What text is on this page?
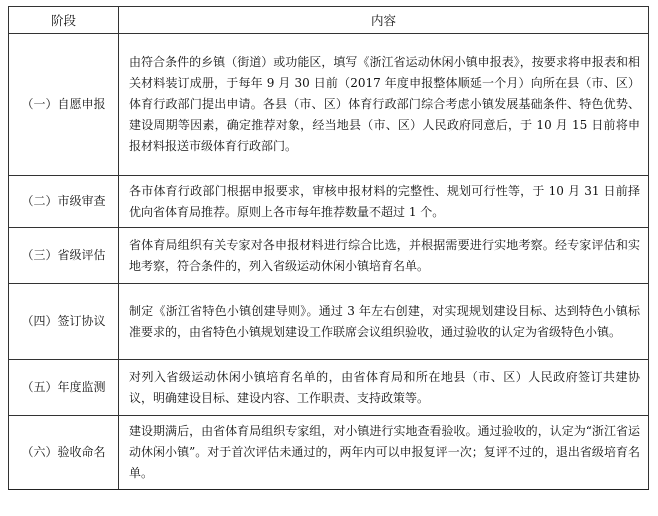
阶段	内容
（一）自愿申报	由符合条件的乡镇（街道）或功能区，填写《浙江省运动休闲小镇申报表》，按要求将申报表和相关材料装订成册，于每年 9 月 30 日前（2017 年度申报整体顺延一个月）向所在县（市、区）体育行政部门提出申请。各县（市、区）体育行政部门综合考虑小镇发展基础条件、特色优势、建设周期等因素，确定推荐对象，经当地县（市、区）人民政府同意后，于 10 月 15 日前将申报材料报送市级体育行政部门。
（二）市级审查	各市体育行政部门根据申报要求，审核申报材料的完整性、规划可行性等，于 10 月 31 日前择优向省体育局推荐。原则上各市每年推荐数量不超过 1 个。
（三）省级评估	省体育局组织有关专家对各申报材料进行综合比选，并根据需要进行实地考察。经专家评估和实地考察，符合条件的，列入省级运动休闲小镇培育名单。
（四）签订协议	制定《浙江省特色小镇创建导则》。通过 3 年左右创建，对实现规划建设目标、达到特色小镇标准要求的，由省特色小镇规划建设工作联席会议组织验收，通过验收的认定为省级特色小镇。
（五）年度监测	对列入省级运动休闲小镇培育名单的，由省体育局和所在地县（市、区）人民政府签订共建协议，明确建设目标、建设内容、工作职责、支持政策等。
（六）验收命名	建设期满后，由省体育局组织专家组，对小镇进行实地查看验收。通过验收的，认定为“浙江省运动休闲小镇”。对于首次评估未通过的，两年内可以申报复评一次；复评不过的，退出省级培育名单。
